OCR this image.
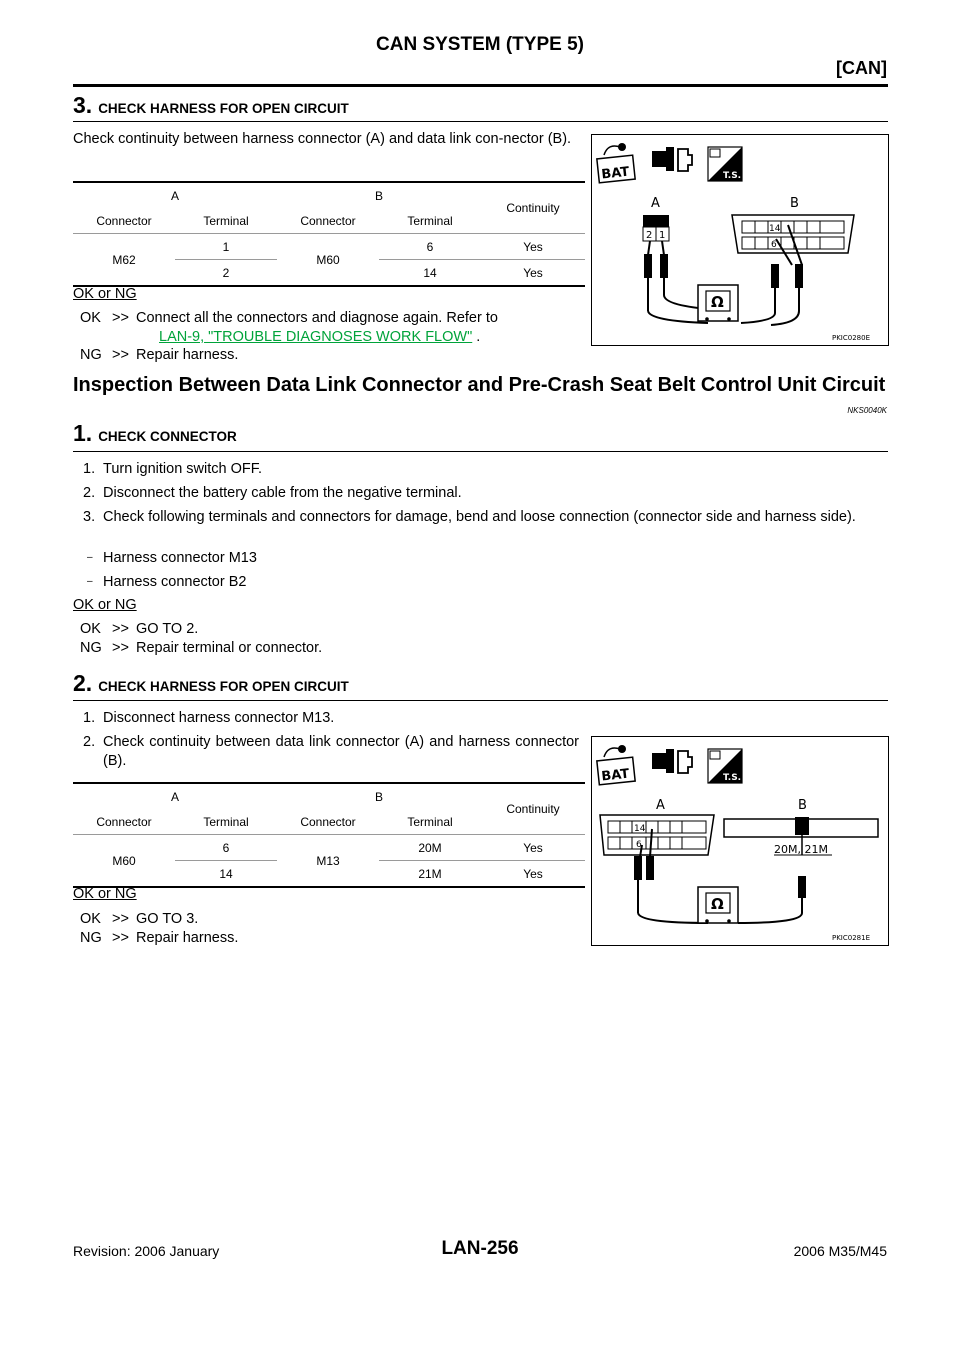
CAN SYSTEM (TYPE 5)
[CAN]
3. CHECK HARNESS FOR OPEN CIRCUIT
Check continuity between harness connector (A) and data link con-nector (B).
A		B		Continuity
Connector	Terminal	Connector	Terminal	
M62	1	M60	6	Yes
	2		14	Yes
OK or NG
OK >> Connect all the connectors and diagnose again. Refer to
LAN-9, "TROUBLE DIAGNOSES WORK FLOW" .
NG >> Repair harness.
BAT	T.S.
A	B
2 1
14
6
Ω
PKIC0280E
Inspection Between Data Link Connector and Pre-Crash Seat Belt Control Unit Circuit
NKS0040K
1. CHECK CONNECTOR
1. Turn ignition switch OFF.
2. Disconnect the battery cable from the negative terminal.
3. Check following terminals and connectors for damage, bend and loose connection (connector side and harness side).
– Harness connector M13
– Harness connector B2
OK or NG
OK >> GO TO 2.
NG >> Repair terminal or connector.
2. CHECK HARNESS FOR OPEN CIRCUIT
1. Disconnect harness connector M13.
2. Check continuity between data link connector (A) and harness connector (B).
A		B		Continuity
Connector	Terminal	Connector	Terminal	
M60	6	M13	20M	Yes
	14		21M	Yes
OK or NG
OK >> GO TO 3.
NG >> Repair harness.
BAT	T.S.
A	B
14
6	20M, 21M
Ω
PKIC0281E
Revision: 2006 January	LAN-256	2006 M35/M45
